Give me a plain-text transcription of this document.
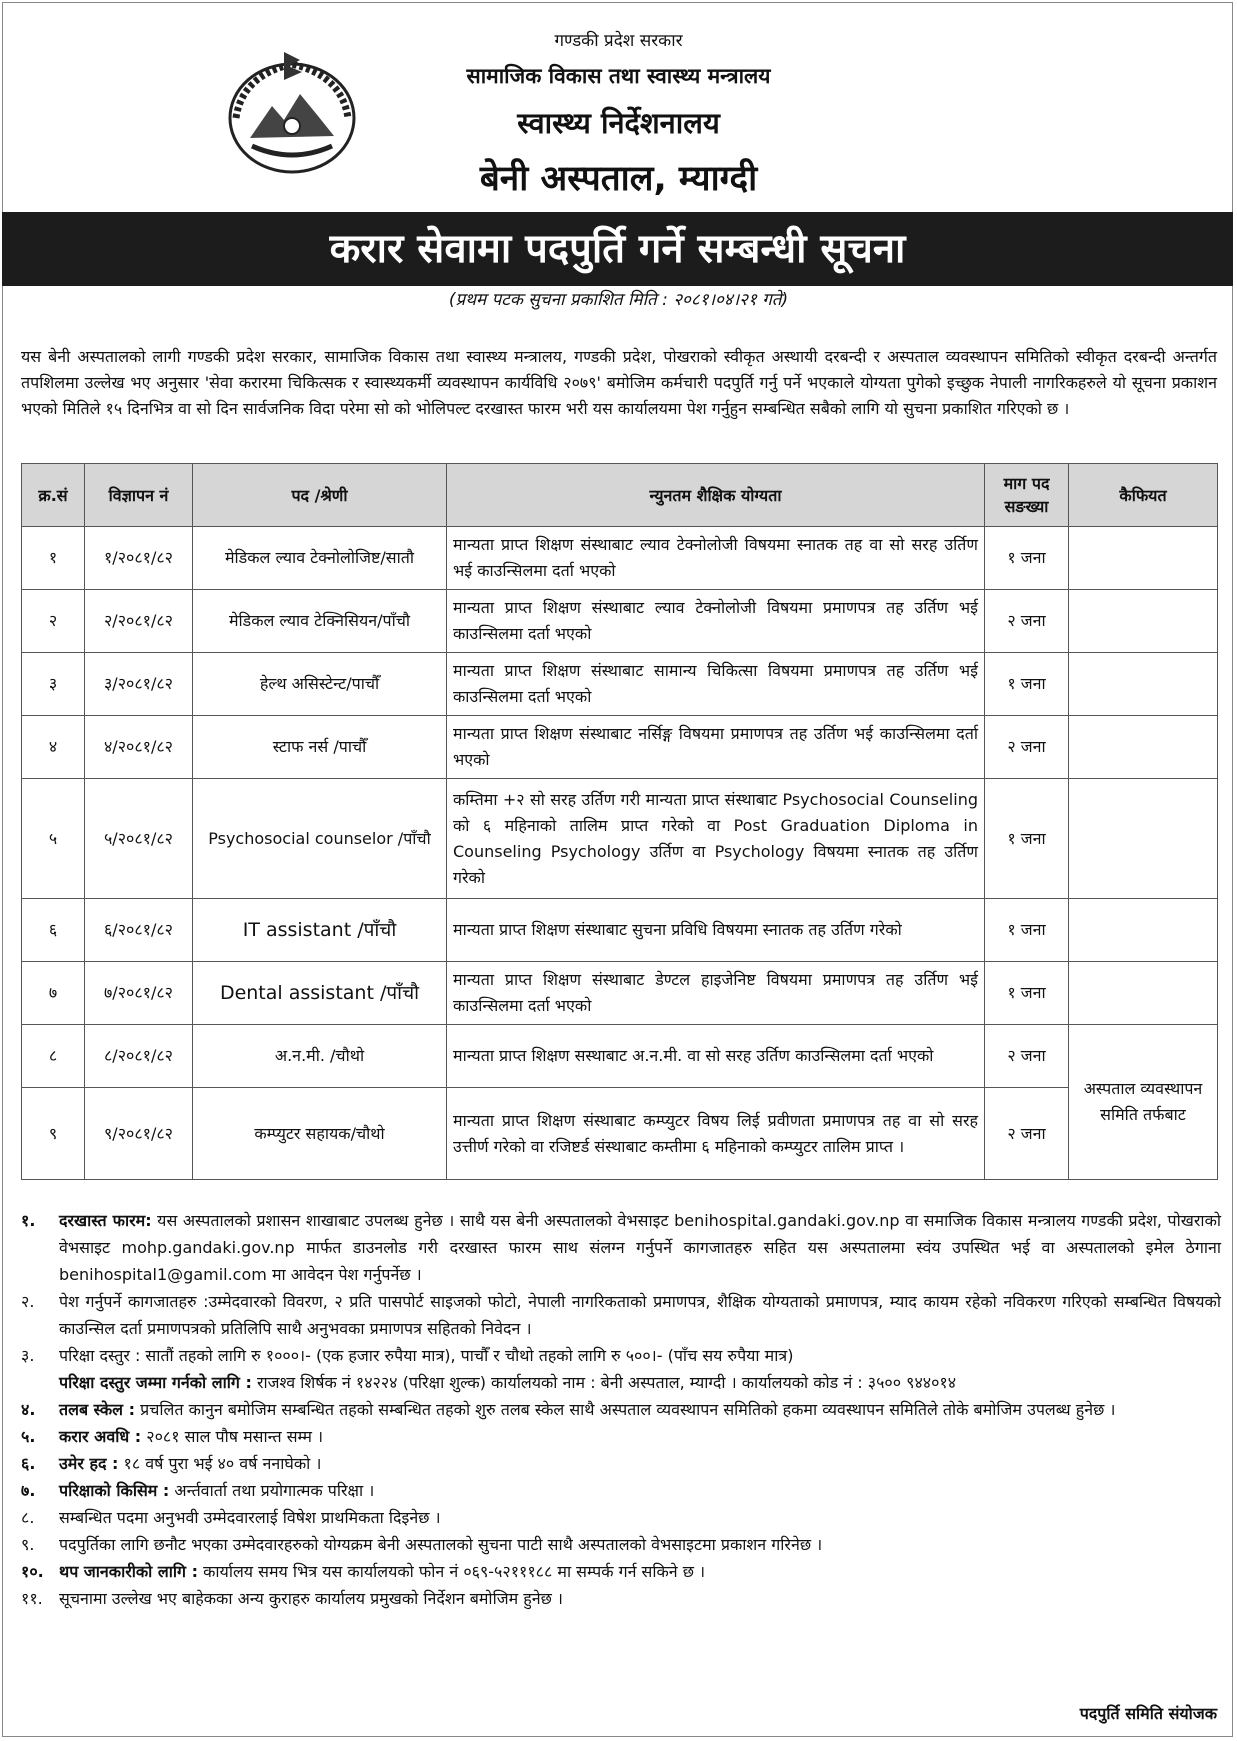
गण्डकी प्रदेश सरकार
सामाजिक विकास तथा स्वास्थ्य मन्त्रालय
स्वास्थ्य निर्देशनालय
बेनी अस्पताल, म्याग्दी
करार सेवामा पदपुर्ति गर्ने सम्बन्धी सूचना
(प्रथम पटक सुचना प्रकाशित मिति : २०८१।०४।२१ गते)
यस बेनी अस्पतालको लागी गण्डकी प्रदेश सरकार, सामाजिक विकास तथा स्वास्थ्य मन्त्रालय, गण्डकी प्रदेश, पोखराको स्वीकृत अस्थायी दरबन्दी र अस्पताल व्यवस्थापन समितिको स्वीकृत दरबन्दी अन्तर्गत तपशिलमा उल्लेख भए अनुसार 'सेवा करारमा चिकित्सक र स्वास्थ्यकर्मी व्यवस्थापन कार्यविधि २०७९' बमोजिम कर्मचारी पदपुर्ति गर्नु पर्ने भएकाले योग्यता पुगेको इच्छुक नेपाली नागरिकहरुले यो सूचना प्रकाशन भएको मितिले १५ दिनभित्र वा सो दिन सार्वजनिक विदा परेमा सो को भोलिपल्ट दरखास्त फारम भरी यस कार्यालयमा पेश गर्नुहुन सम्बन्धित सबैको लागि यो सुचना प्रकाशित गरिएको छ ।
क्र.सं	विज्ञापन नं	पद /श्रेणी	न्युनतम शैक्षिक योग्यता	माग पद सङख्या	कैफियत
१	१/२०८१/८२	मेडिकल ल्याव टेक्नोलोजिष्ट/सातौ	मान्यता प्राप्त शिक्षण संस्थाबाट ल्याव टेक्नोलोजी विषयमा स्नातक तह वा सो सरह उर्तिण भई काउन्सिलमा दर्ता भएको	१ जना	
२	२/२०८१/८२	मेडिकल ल्याव टेक्निसियन/पाँचौ	मान्यता प्राप्त शिक्षण संस्थाबाट ल्याव टेक्नोलोजी विषयमा प्रमाणपत्र तह उर्तिण भई काउन्सिलमा दर्ता भएको	२ जना	
३	३/२०८१/८२	हेल्थ असिस्टेन्ट/पाचौँ	मान्यता प्राप्त शिक्षण संस्थाबाट सामान्य चिकित्सा विषयमा प्रमाणपत्र तह उर्तिण भई काउन्सिलमा दर्ता भएको	१ जना	
४	४/२०८१/८२	स्टाफ नर्स /पाचौँ	मान्यता प्राप्त शिक्षण संस्थाबाट नर्सिङ्ग विषयमा प्रमाणपत्र तह उर्तिण भई काउन्सिलमा दर्ता भएको	२ जना	
५	५/२०८१/८२	Psychosocial counselor /पाँचौ	कम्तिमा +२ सो सरह उर्तिण गरी मान्यता प्राप्त संस्थाबाट Psychosocial Counseling को ६ महिनाको तालिम प्राप्त गरेको वा Post Graduation Diploma in Counseling Psychology उर्तिण वा Psychology विषयमा स्नातक तह उर्तिण गरेको	१ जना	
६	६/२०८१/८२	IT assistant /पाँचौ	मान्यता प्राप्त शिक्षण संस्थाबाट सुचना प्रविधि विषयमा स्नातक तह उर्तिण गरेको	१ जना	
७	७/२०८१/८२	Dental assistant /पाँचौ	मान्यता प्राप्त शिक्षण संस्थाबाट डेण्टल हाइजेनिष्ट विषयमा प्रमाणपत्र तह उर्तिण भई काउन्सिलमा दर्ता भएको	१ जना	
८	८/२०८१/८२	अ.न.मी. /चौथो	मान्यता प्राप्त शिक्षण सस्थाबाट अ.न.मी. वा सो सरह उर्तिण काउन्सिलमा दर्ता भएको	२ जना	अस्पताल व्यवस्थापन समिति तर्फबाट
९	९/२०८१/८२	कम्प्युटर सहायक/चौथो	मान्यता प्राप्त शिक्षण संस्थाबाट कम्प्युटर विषय लिई प्रवीणता प्रमाणपत्र तह वा सो सरह उत्तीर्ण गरेको वा रजिष्टर्ड संस्थाबाट कम्तीमा ६ महिनाको कम्प्युटर तालिम प्राप्त ।	२ जना	
१.	दरखास्त फारम: यस अस्पतालको प्रशासन शाखाबाट उपलब्ध हुनेछ । साथै यस बेनी अस्पतालको वेभसाइट benihospital.gandaki.gov.np वा समाजिक विकास मन्त्रालय गण्डकी प्रदेश, पोखराको वेभसाइट mohp.gandaki.gov.np मार्फत डाउनलोड गरी दरखास्त फारम साथ संलग्न गर्नुपर्ने कागजातहरु सहित यस अस्पतालमा स्वंय उपस्थित भई वा अस्पतालको इमेल ठेगाना benihospital1@gamil.com मा आवेदन पेश गर्नुपर्नेछ ।
२.	पेश गर्नुपर्ने कागजातहरु :उम्मेदवारको विवरण, २ प्रति पासपोर्ट साइजको फोटो, नेपाली नागरिकताको प्रमाणपत्र, शैक्षिक योग्यताको प्रमाणपत्र, म्याद कायम रहेको नविकरण गरिएको सम्बन्धित विषयको काउन्सिल दर्ता प्रमाणपत्रको प्रतिलिपि साथै अनुभवका प्रमाणपत्र सहितको निवेदन ।
३.	परिक्षा दस्तुर : सातौं तहको लागि रु १०००।- (एक हजार रुपैया मात्र), पाचौँ र चौथो तहको लागि रु ५००।- (पाँच सय रुपैया मात्र)
परिक्षा दस्तुर जम्मा गर्नको लागि : राजश्व शिर्षक नं १४२२४ (परिक्षा शुल्क) कार्यालयको नाम : बेनी अस्पताल, म्याग्दी । कार्यालयको कोड नं : ३५०० ९४४०१४
४.	तलब स्केल : प्रचलित कानुन बमोजिम सम्बन्धित तहको सम्बन्धित तहको शुरु तलब स्केल साथै अस्पताल व्यवस्थापन समितिको हकमा व्यवस्थापन समितिले तोके बमोजिम उपलब्ध हुनेछ ।
५.	करार अवधि : २०८१ साल पौष मसान्त सम्म ।
६.	उमेर हद : १८ वर्ष पुरा भई ४० वर्ष ननाघेको ।
७.	परिक्षाको किसिम : अर्न्तवार्ता तथा प्रयोगात्मक परिक्षा ।
८.	सम्बन्धित पदमा अनुभवी उम्मेदवारलाई विषेश प्राथमिकता दिइनेछ ।
९.	पदपुर्तिका लागि छनौट भएका उम्मेदवारहरुको योग्यक्रम बेनी अस्पतालको सुचना पाटी साथै अस्पतालको वेभसाइटमा प्रकाशन गरिनेछ ।
१०. थप जानकारीको लागि : कार्यालय समय भित्र यस कार्यालयको फोन नं ०६९-५२१११८८ मा सम्पर्क गर्न सकिने छ ।
११.	सूचनामा उल्लेख भए बाहेकका अन्य कुराहरु कार्यालय प्रमुखको निर्देशन बमोजिम हुनेछ ।
पदपुर्ति समिति संयोजक
